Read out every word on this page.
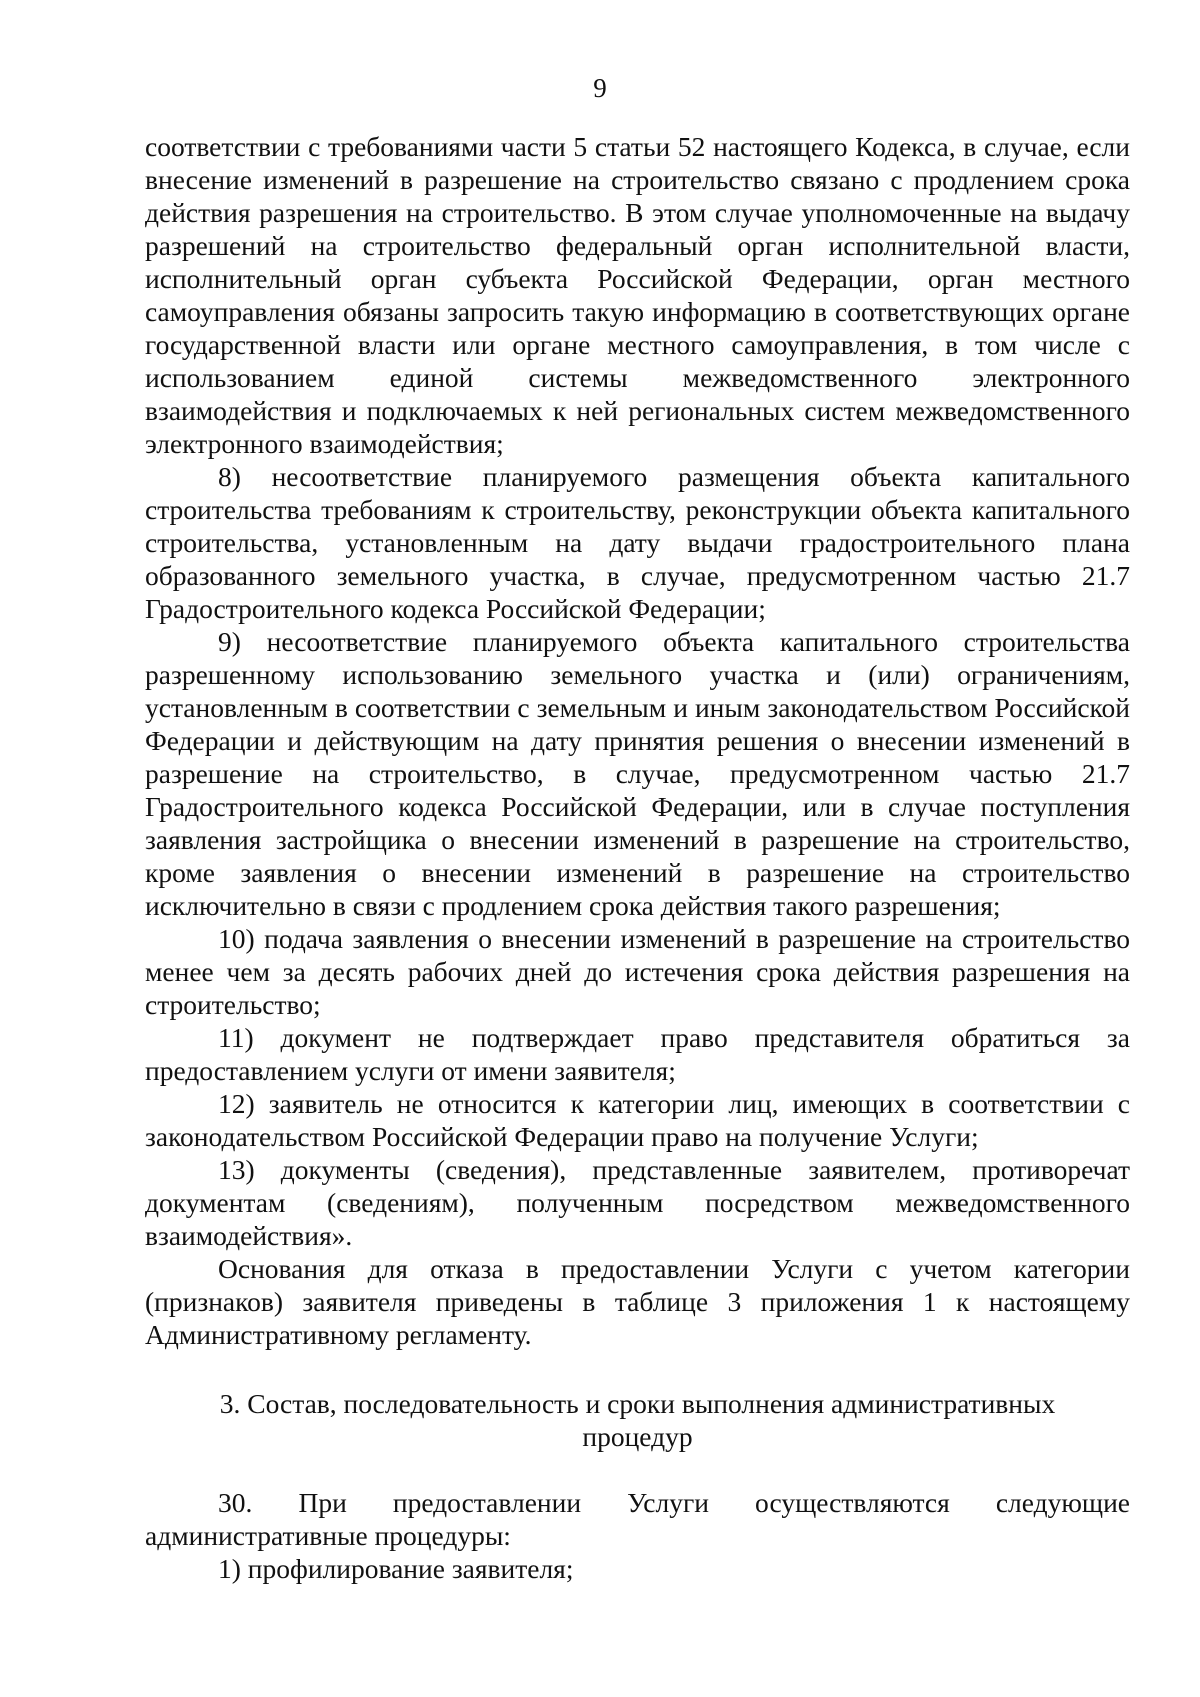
9

соответствии с требованиями части 5 статьи 52 настоящего Кодекса, в случае, если внесение изменений в разрешение на строительство связано с продлением срока действия разрешения на строительство. В этом случае уполномоченные на выдачу разрешений на строительство федеральный орган исполнительной власти, исполнительный орган субъекта Российской Федерации, орган местного самоуправления обязаны запросить такую информацию в соответствующих органе государственной власти или органе местного самоуправления, в том числе с использованием единой системы межведомственного электронного взаимодействия и подключаемых к ней региональных систем межведомственного электронного взаимодействия;

8) несоответствие планируемого размещения объекта капитального строительства требованиям к строительству, реконструкции объекта капитального строительства, установленным на дату выдачи градостроительного плана образованного земельного участка, в случае, предусмотренном частью 21.7 Градостроительного кодекса Российской Федерации;

9) несоответствие планируемого объекта капитального строительства разрешенному использованию земельного участка и (или) ограничениям, установленным в соответствии с земельным и иным законодательством Российской Федерации и действующим на дату принятия решения о внесении изменений в разрешение на строительство, в случае, предусмотренном частью 21.7 Градостроительного кодекса Российской Федерации, или в случае поступления заявления застройщика о внесении изменений в разрешение на строительство, кроме заявления о внесении изменений в разрешение на строительство исключительно в связи с продлением срока действия такого разрешения;

10) подача заявления о внесении изменений в разрешение на строительство менее чем за десять рабочих дней до истечения срока действия разрешения на строительство;

11) документ не подтверждает право представителя обратиться за предоставлением услуги от имени заявителя;

12) заявитель не относится к категории лиц, имеющих в соответствии с законодательством Российской Федерации право на получение Услуги;

13) документы (сведения), представленные заявителем, противоречат документам (сведениям), полученным посредством межведомственного взаимодействия».

Основания для отказа в предоставлении Услуги с учетом категории (признаков) заявителя приведены в таблице 3 приложения 1 к настоящему Административному регламенту.

3. Состав, последовательность и сроки выполнения административных процедур

30. При предоставлении Услуги осуществляются следующие административные процедуры:

1) профилирование заявителя;
